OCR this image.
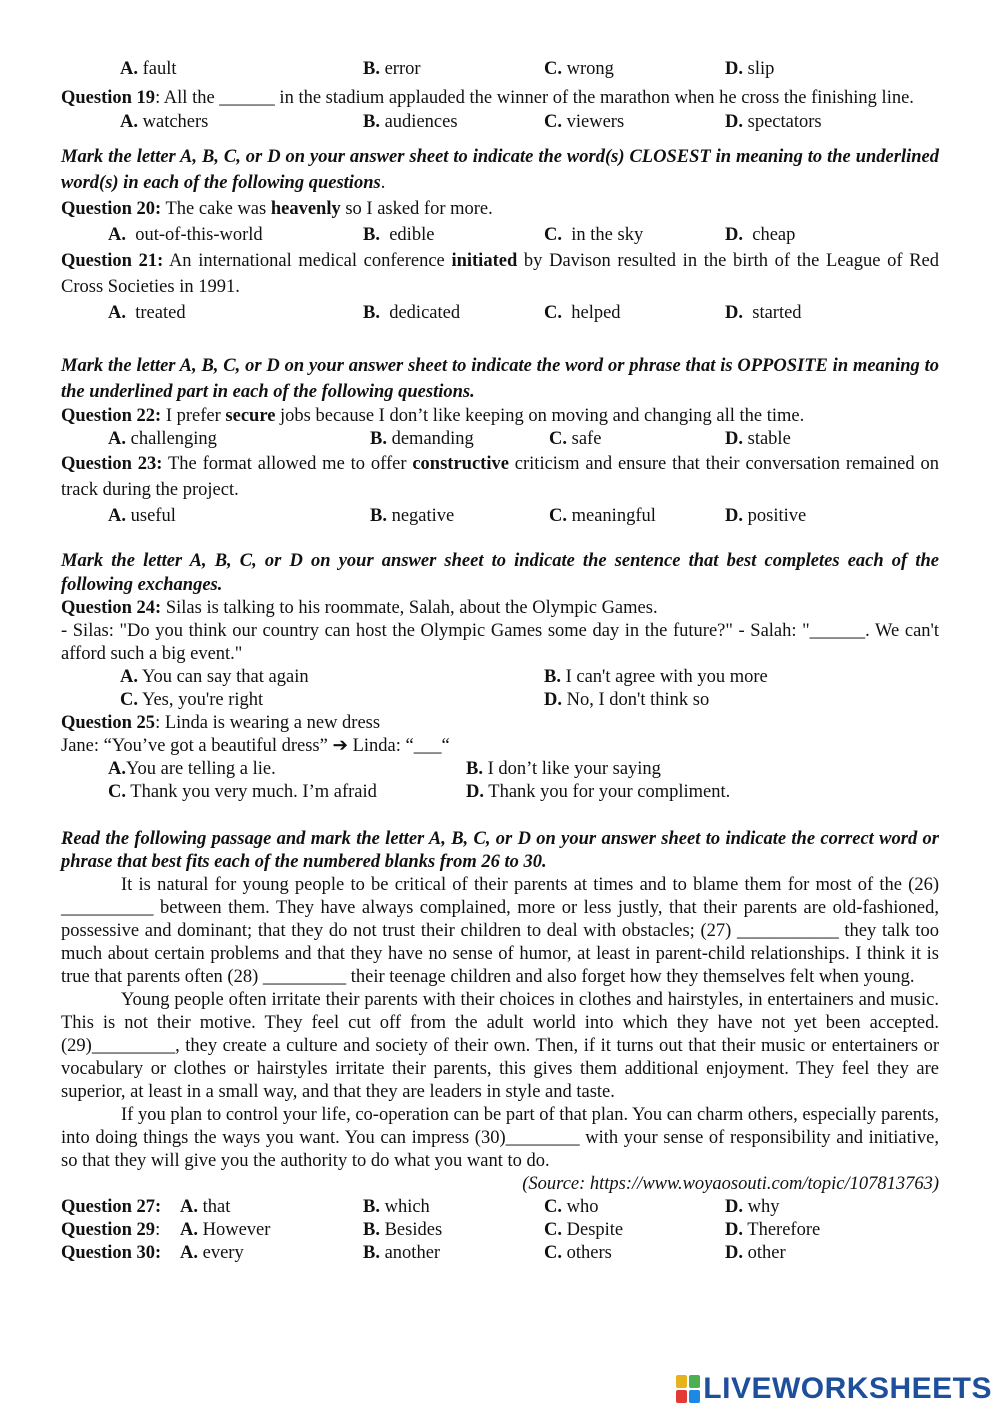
A. fault	B. error	C. wrong	D. slip
Question 19: All the ______ in the stadium applauded the winner of the marathon when he cross the finishing line.
A. watchers	B. audiences	C. viewers	D. spectators
Mark the letter A, B, C, or D on your answer sheet to indicate the word(s) CLOSEST in meaning to the underlined word(s) in each of the following questions.
Question 20: The cake was heavenly so I asked for more.
A. out-of-this-world	B. edible	C. in the sky	D. cheap
Question 21: An international medical conference initiated by Davison resulted in the birth of the League of Red Cross Societies in 1991.
A. treated	B. dedicated	C. helped	D. started
Mark the letter A, B, C, or D on your answer sheet to indicate the word or phrase that is OPPOSITE in meaning to the underlined part in each of the following questions.
Question 22: I prefer secure jobs because I don’t like keeping on moving and changing all the time.
A. challenging	B. demanding	C. safe	D. stable
Question 23: The format allowed me to offer constructive criticism and ensure that their conversation remained on track during the project.
A. useful	B. negative	C. meaningful	D. positive
Mark the letter A, B, C, or D on your answer sheet to indicate the sentence that best completes each of the following exchanges.
Question 24: Silas is talking to his roommate, Salah, about the Olympic Games.
- Silas: "Do you think our country can host the Olympic Games some day in the future?" - Salah: "______. We can't afford such a big event."
A. You can say that again	B. I can't agree with you more
C. Yes, you're right	D. No, I don't think so
Question 25: Linda is wearing a new dress
Jane: “You’ve got a beautiful dress” ➔ Linda: “___“
A.You are telling a lie.	B. I don’t like your saying
C. Thank you very much. I’m afraid	D. Thank you for your compliment.
Read the following passage and mark the letter A, B, C, or D on your answer sheet to indicate the correct word or phrase that best fits each of the numbered blanks from 26 to 30.
It is natural for young people to be critical of their parents at times and to blame them for most of the (26) __________ between them. They have always complained, more or less justly, that their parents are old-fashioned, possessive and dominant; that they do not trust their children to deal with obstacles; (27) ___________ they talk too much about certain problems and that they have no sense of humor, at least in parent-child relationships. I think it is true that parents often (28) _________ their teenage children and also forget how they themselves felt when young.
Young people often irritate their parents with their choices in clothes and hairstyles, in entertainers and music. This is not their motive. They feel cut off from the adult world into which they have not yet been accepted. (29)_________, they create a culture and society of their own. Then, if it turns out that their music or entertainers or vocabulary or clothes or hairstyles irritate their parents, this gives them additional enjoyment. They feel they are superior, at least in a small way, and that they are leaders in style and taste.
If you plan to control your life, co-operation can be part of that plan. You can charm others, especially parents, into doing things the ways you want. You can impress (30)________ with your sense of responsibility and initiative, so that they will give you the authority to do what you want to do.
(Source: https://www.woyaosouti.com/topic/107813763)
Question 27: A. that	B. which	C. who	D. why
Question 29: A. However	B. Besides	C. Despite	D. Therefore
Question 30: A. every	B. another	C. others	D. other
LIVEWORKSHEETS
